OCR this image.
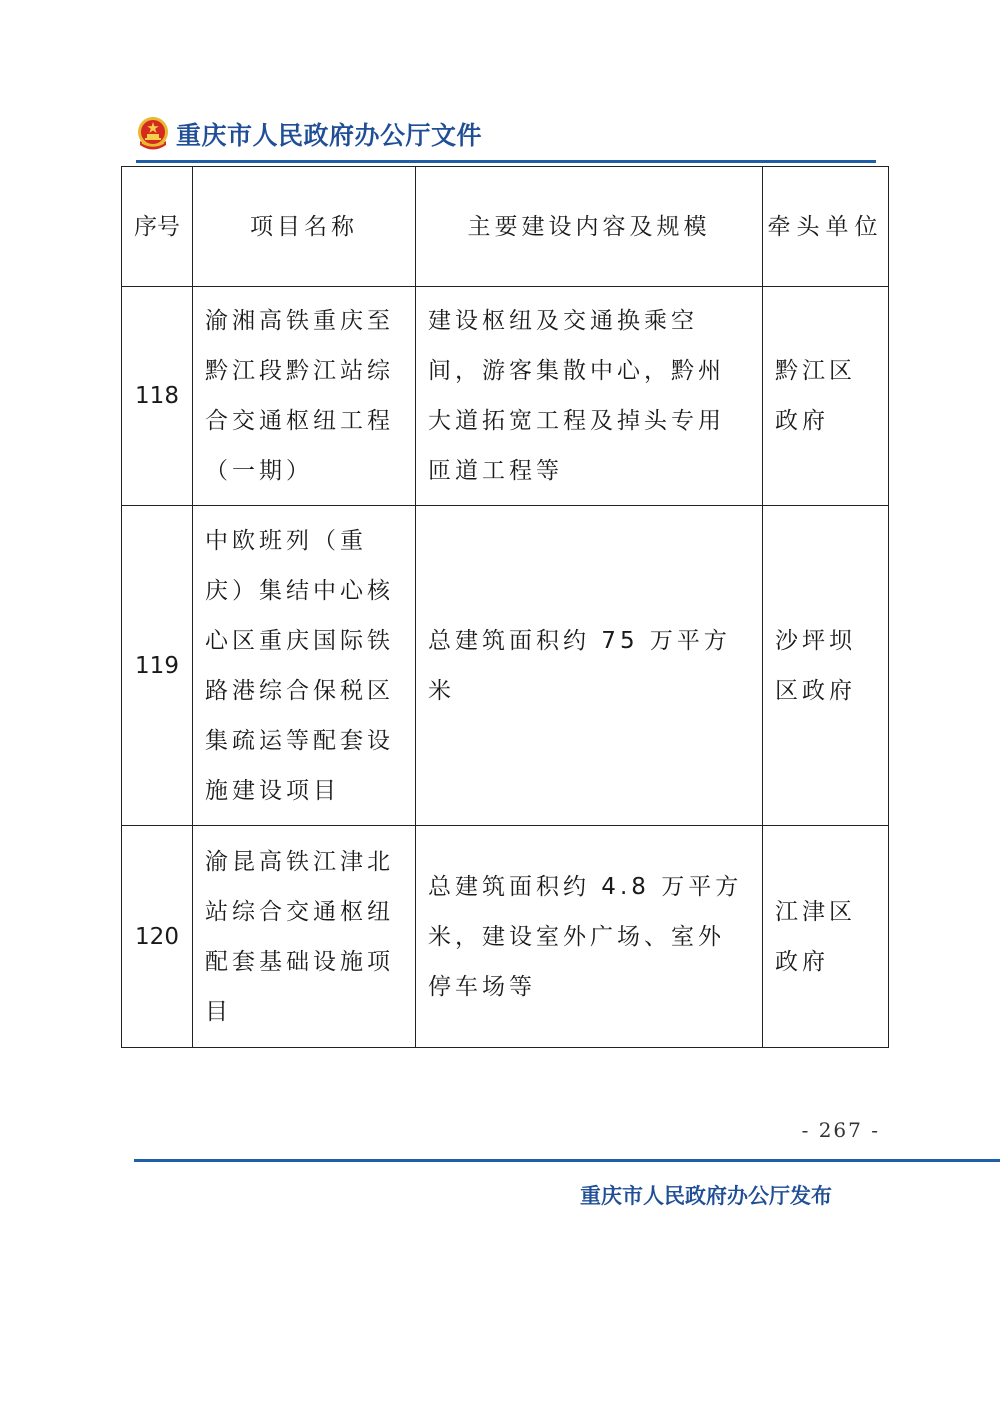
重庆市人民政府办公厅文件
序号	项目名称	主要建设内容及规模	牵头单位
118	渝湘高铁重庆至黔江段黔江站综合交通枢纽工程（一期）	建设枢纽及交通换乘空间，游客集散中心，黔州大道拓宽工程及掉头专用匝道工程等	黔江区政府
119	中欧班列（重庆）集结中心核心区重庆国际铁路港综合保税区集疏运等配套设施建设项目	总建筑面积约 75 万平方米	沙坪坝区政府
120	渝昆高铁江津北站综合交通枢纽配套基础设施项目	总建筑面积约 4.8 万平方米，建设室外广场、室外停车场等	江津区政府
- 267 -
重庆市人民政府办公厅发布
